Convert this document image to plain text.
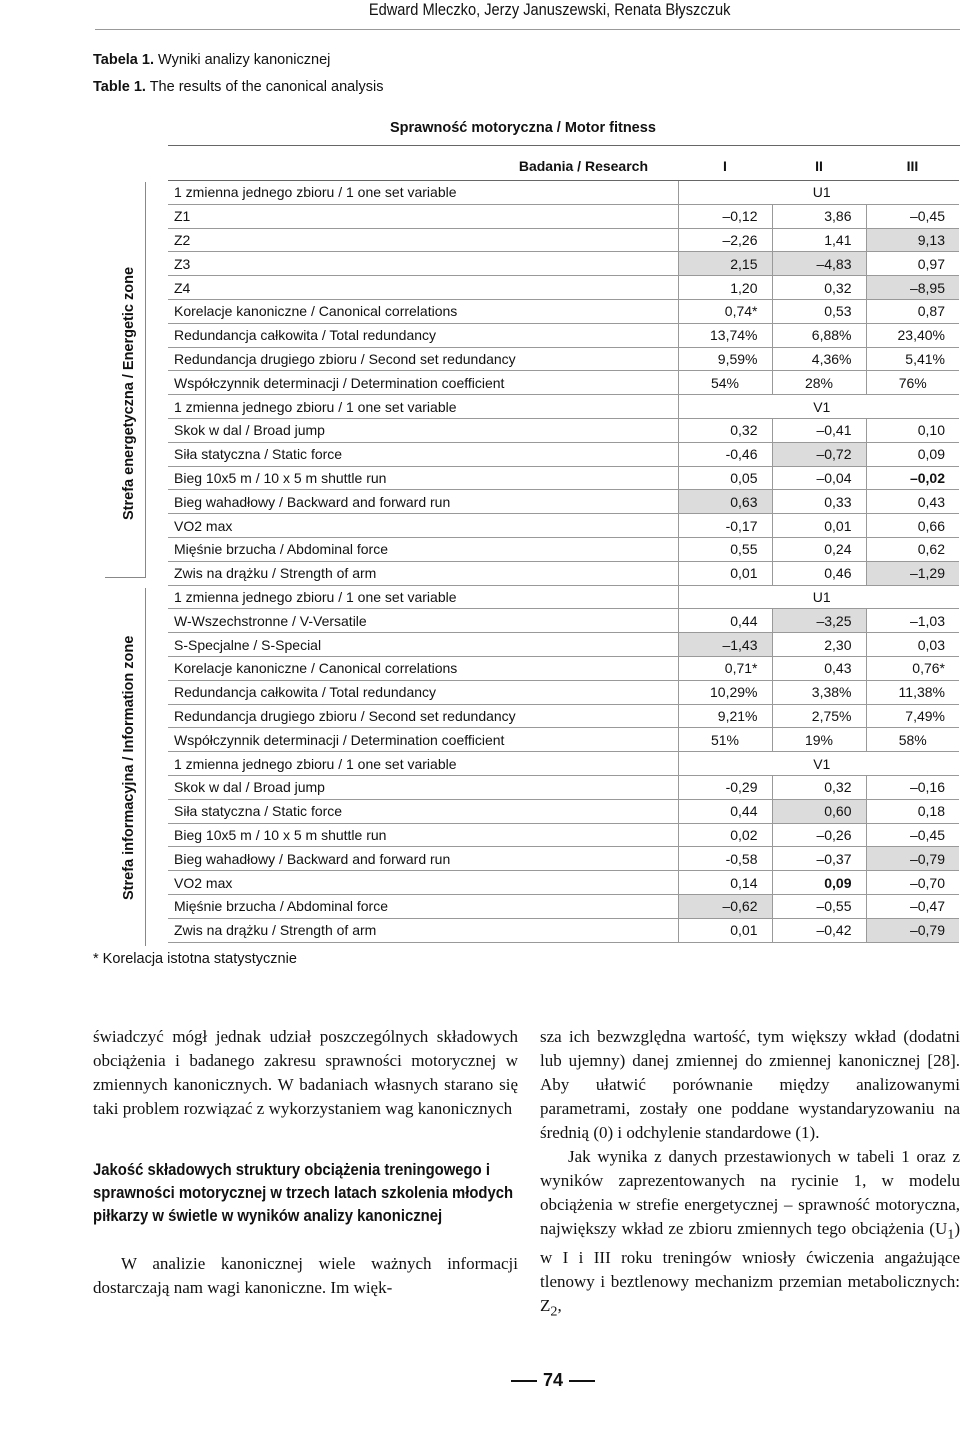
Edward Mleczko, Jerzy Januszewski, Renata Błyszczuk
Tabela 1. Wyniki analizy kanonicznej
Table 1. The results of the canonical analysis
Sprawność motoryczna / Motor fitness
Strefa energetyczna / Energetic zone
Strefa informacyjna / Information zone
Badania / Research	I	II	III
1 zmienna jednego zbioru / 1 one set variable	U1		
Z1	–0,12	3,86	–0,45
Z2	–2,26	1,41	9,13
Z3	2,15	–4,83	0,97
Z4	1,20	0,32	–8,95
Korelacje kanoniczne / Canonical correlations	0,74*	0,53	0,87
Redundancja całkowita / Total redundancy	13,74%	6,88%	23,40%
Redundancja drugiego zbioru / Second set redundancy	9,59%	4,36%	5,41%
Współczynnik determinacji / Determination coefficient	54%	28%	76%
1 zmienna jednego zbioru / 1 one set variable	V1		
Skok w dal / Broad jump	0,32	–0,41	0,10
Siła statyczna / Static force	-0,46	–0,72	0,09
Bieg 10x5 m / 10 x 5 m shuttle run	0,05	–0,04	–0,02
Bieg wahadłowy / Backward and forward run	0,63	0,33	0,43
VO2 max	-0,17	0,01	0,66
Mięśnie brzucha / Abdominal force	0,55	0,24	0,62
Zwis na drążku / Strength of arm	0,01	0,46	–1,29
1 zmienna jednego zbioru / 1 one set variable	U1		
W-Wszechstronne / V-Versatile	0,44	–3,25	–1,03
S-Specjalne / S-Special	–1,43	2,30	0,03
Korelacje kanoniczne / Canonical correlations	0,71*	0,43	0,76*
Redundancja całkowita / Total redundancy	10,29%	3,38%	11,38%
Redundancja drugiego zbioru / Second set redundancy	9,21%	2,75%	7,49%
Współczynnik determinacji / Determination coefficient	51%	19%	58%
1 zmienna jednego zbioru / 1 one set variable	V1		
Skok w dal / Broad jump	-0,29	0,32	–0,16
Siła statyczna / Static force	0,44	0,60	0,18
Bieg 10x5 m / 10 x 5 m shuttle run	0,02	–0,26	–0,45
Bieg wahadłowy / Backward and forward run	-0,58	–0,37	–0,79
VO2 max	0,14	0,09	–0,70
Mięśnie brzucha / Abdominal force	–0,62	–0,55	–0,47
Zwis na drążku / Strength of arm	0,01	–0,42	–0,79
* Korelacja istotna statystycznie

świadczyć mógł jednak udział poszczególnych składowych obciążenia i badanego zakresu sprawności motorycznej w zmiennych kanonicznych. W badaniach własnych starano się taki problem rozwiązać z wykorzystaniem wag kanonicznych

Jakość składowych struktury obciążenia treningowego i sprawności motorycznej w trzech latach szkolenia młodych piłkarzy w świetle w wyników analizy kanonicznej

W analizie kanonicznej wiele ważnych informacji dostarczają nam wagi kanoniczne. Im więk-

sza ich bezwzględna wartość, tym większy wkład (dodatni lub ujemny) danej zmiennej do zmiennej kanonicznej [28]. Aby ułatwić porównanie między analizowanymi parametrami, zostały one poddane wystandaryzowaniu na średnią (0) i odchylenie standardowe (1).

Jak wynika z danych przestawionych w tabeli 1 oraz z wyników zaprezentowanych na rycinie 1, w modelu obciążenia w strefie energetycznej – sprawność motoryczna, największy wkład ze zbioru zmiennych tego obciążenia $(U_1)$ w I i III roku treningów wniosły ćwiczenia angażujące tlenowy i beztlenowy mechanizm przemian metabolicznych: $Z_2$,

74
